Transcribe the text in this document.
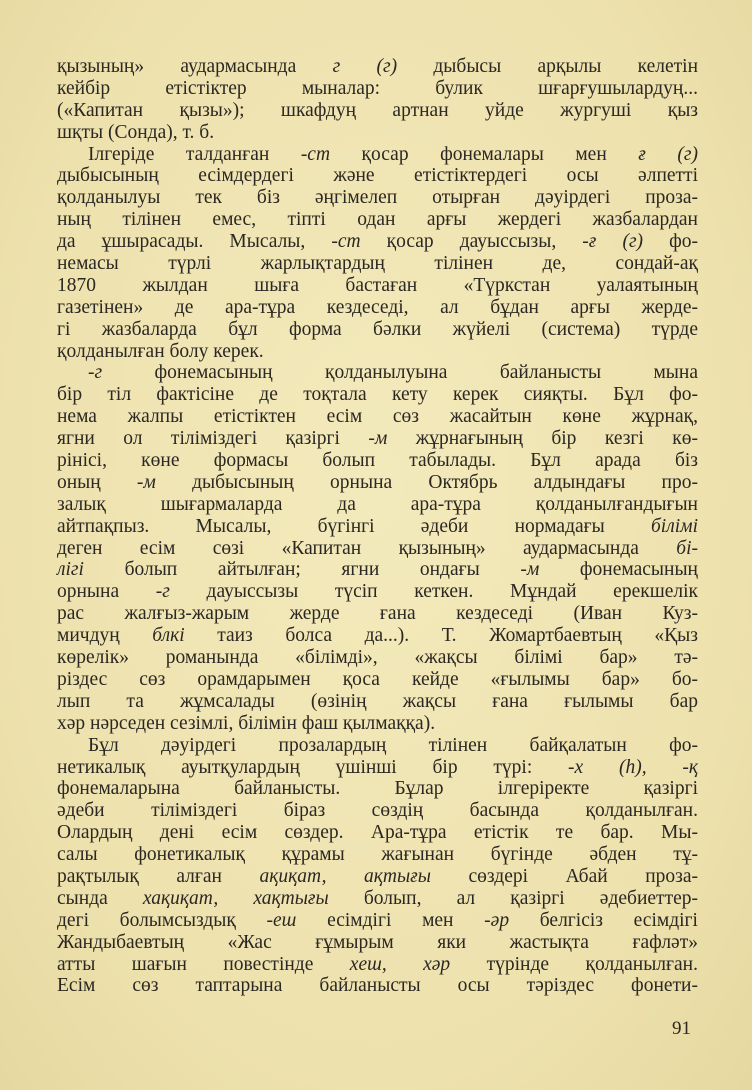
қызының» аудармасында г (г) дыбысы арқылы келетін
кейбір етістіктер мыналар: булик шғарғушылардуң...
(«Капитан қызы»); шкафдуң артнан уйде жургуші қыз
шқты (Сонда), т. б.
Ілгеріде талданған -ст қосар фонемалары мен ғ (г)
дыбысының есімдердегі және етістіктердегі осы әлпетті
қолданылуы тек біз әңгімелеп отырған дәуірдегі проза-
ның тілінен емес, тіпті одан арғы жердегі жазбалардан
да ұшырасады. Мысалы, -ст қосар дауыссызы, -ғ (г) фо-
немасы түрлі жарлықтардың тілінен де, сондай-ақ
1870 жылдан шыға бастаған «Түркстан уалаятының
газетінен» де ара-тұра кездеседі, ал бұдан арғы жерде-
гі жазбаларда бұл форма бәлки жүйелі (система) түрде
қолданылған болу керек.
-г фонемасының қолданылуына байланысты мына
бір тіл фактісіне де тоқтала кету керек сияқты. Бұл фо-
нема жалпы етістіктен есім сөз жасайтын көне жұрнақ,
ягни ол тіліміздегі қазіргі -м жұрнағының бір кезгі кө-
рінісі, көне формасы болып табылады. Бұл арада біз
оның -м дыбысының орнына Октябрь алдындағы про-
залық шығармаларда да ара-тұра қолданылғандығын
айтпақпыз. Мысалы, бүгінгі әдеби нормадағы білімі
деген есім сөзі «Капитан қызының» аудармасында бі-
лігі болып айтылған; ягни ондағы -м фонемасының
орнына -г дауыссызы түсіп кеткен. Мұндай ерекшелік
рас жалғыз-жарым жерде ғана кездеседі (Иван Куз-
мичдуң блкі таиз болса да...). Т. Жомартбаевтың «Қыз
көрелік» романында «білімді», «жақсы білімі бар» тә-
різдес сөз орамдарымен қоса кейде «ғылымы бар» бо-
лып та жұмсалады (өзінің жақсы ғана ғылымы бар
хәр нәрседен сезімлі, білімін фаш қылмаққа).
Бұл дәуірдегі прозалардың тілінен байқалатын фо-
нетикалық ауытқулардың үшінші бір түрі: -х (h), -қ
фонемаларына байланысты. Бұлар ілгеріректе қазіргі
әдеби тіліміздегі біраз сөздің басында қолданылған.
Олардың дені есім сөздер. Ара-тұра етістік те бар. Мы-
салы фонетикалық құрамы жағынан бүгінде әбден тұ-
рақтылық алған ақиқат, ақтығы сөздері Абай проза-
сында хақиқат, хақтығы болып, ал қазіргі әдебиеттер-
дегі болымсыздық -еш есімдігі мен -әр белгісіз есімдігі
Жандыбаевтың «Жас ғұмырым яки жастықта ғафләт»
атты шағын повестінде хеш, хәр түрінде қолданылған.
Есім сөз таптарына байланысты осы тәріздес фонети-
91
